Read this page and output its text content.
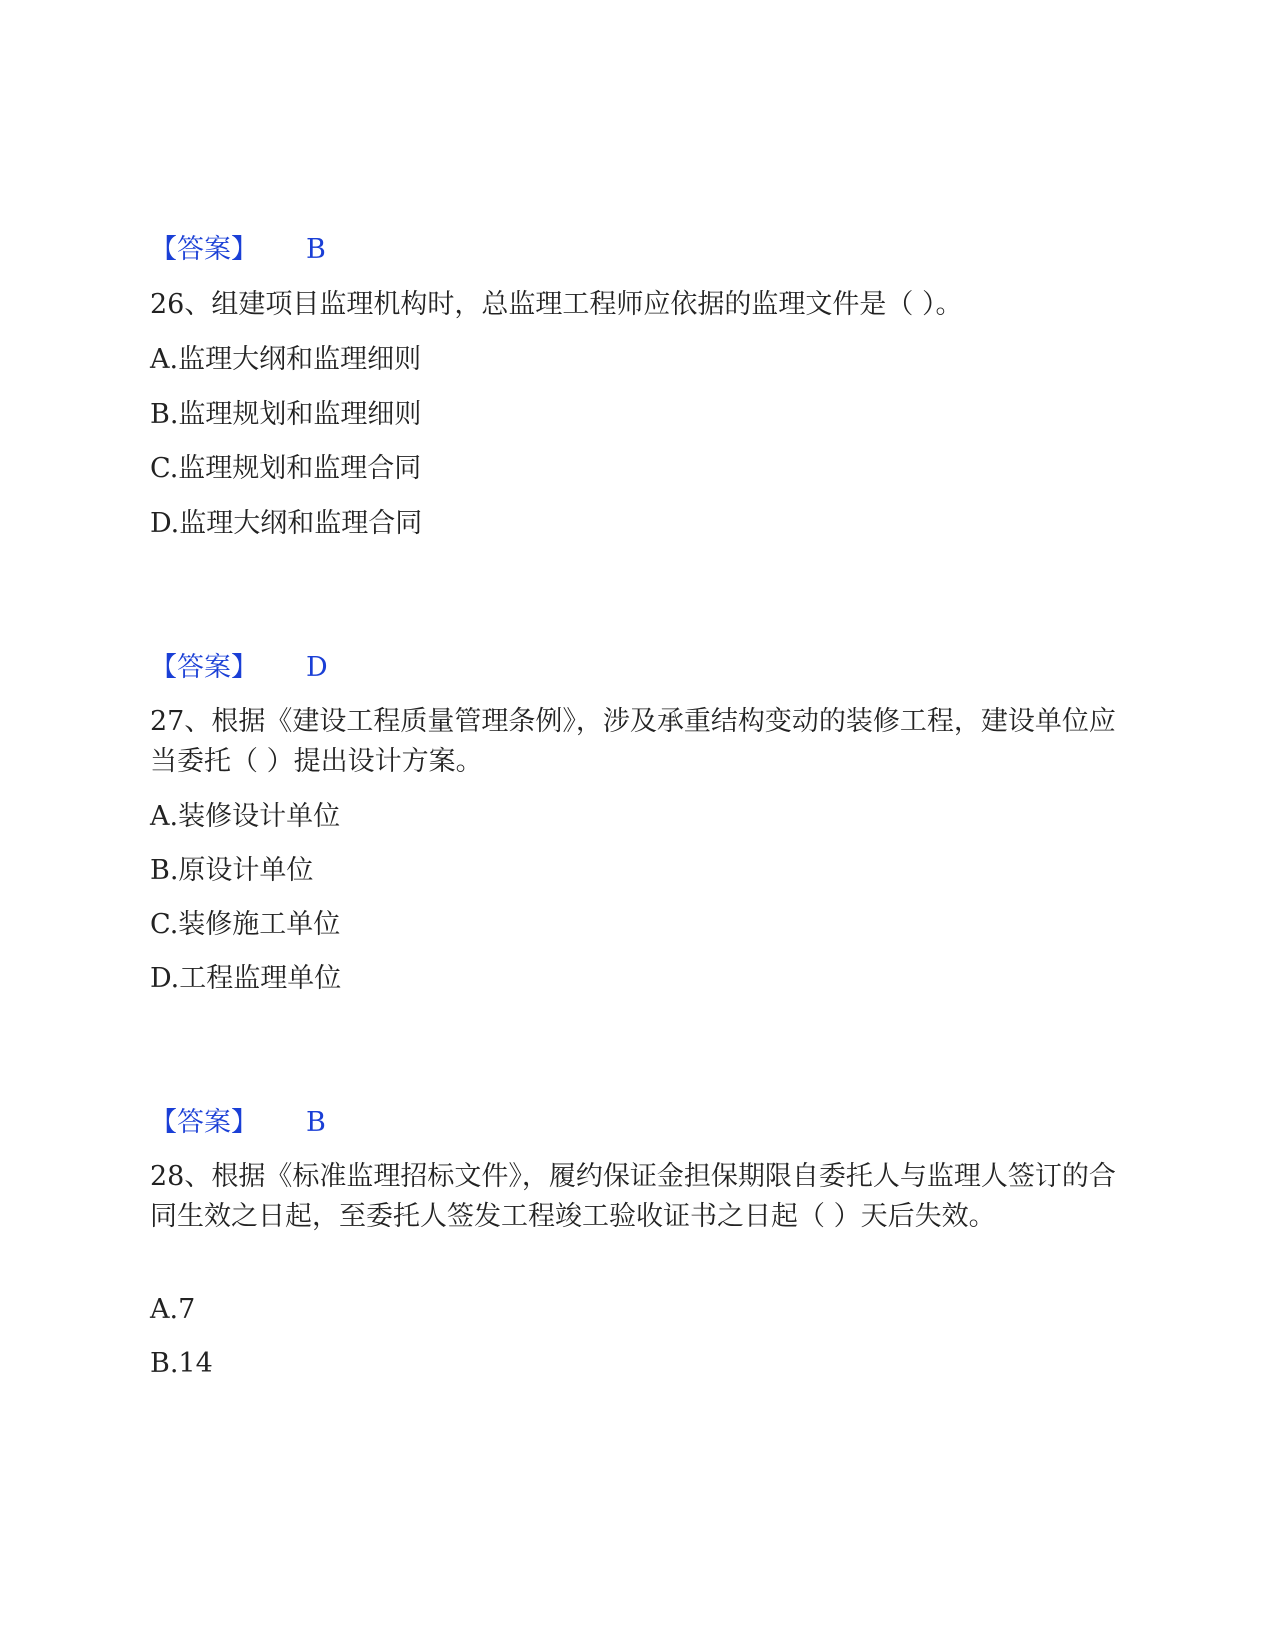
【答案】 B
26、组建项目监理机构时，总监理工程师应依据的监理文件是（ ）。
A.监理大纲和监理细则
B.监理规划和监理细则
C.监理规划和监理合同
D.监理大纲和监理合同
【答案】 D
27、根据《建设工程质量管理条例》，涉及承重结构变动的装修工程，建设单位应当委托（ ）提出设计方案。
A.装修设计单位
B.原设计单位
C.装修施工单位
D.工程监理单位
【答案】 B
28、根据《标准监理招标文件》，履约保证金担保期限自委托人与监理人签订的合同生效之日起，至委托人签发工程竣工验收证书之日起（ ）天后失效。
A.7
B.14
